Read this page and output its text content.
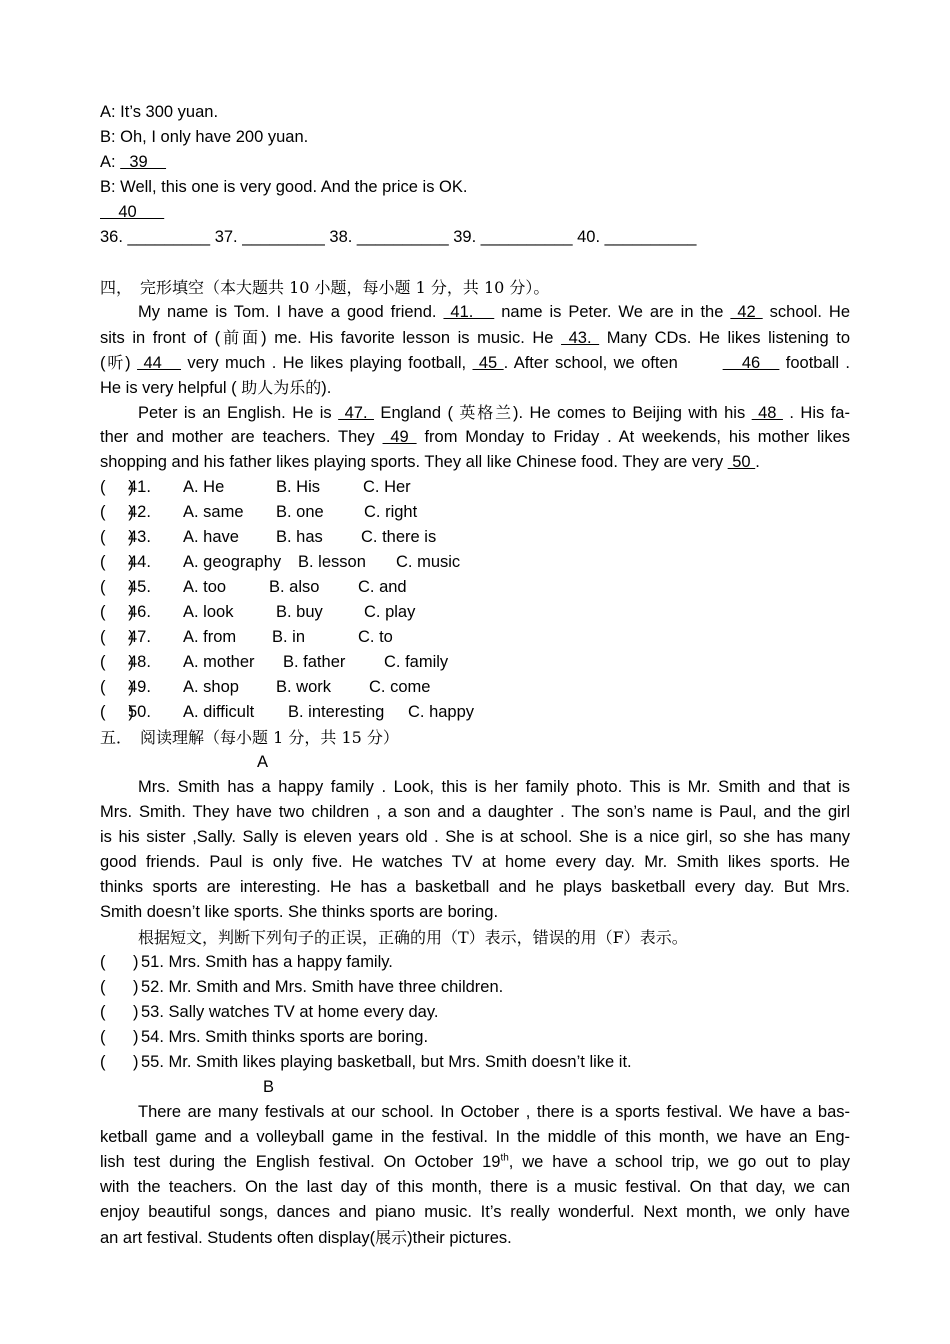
A: It’s 300 yuan.
B: Oh, I only have 200 yuan.
A:   39
B: Well, this one is very good. And the price is OK.
40
36. _________ 37. _________ 38. __________ 39. __________ 40. __________
四，　完形填空（本大题共 10 小题，每小题 1 分，共 10 分）。
My name is Tom. I have a good friend.  41.    name is Peter. We are in the  42  school. He
sits in front of (前面) me. His favorite lesson is music. He  43.  Many CDs. He likes listening to
(听)  44    very much . He likes playing football,  45 . After school, we often          46    football .
He is very helpful ( 助人为乐的).
Peter is an English. He is  47.  England ( 英格兰). He comes to Beijing with his  48  . His fa-
ther and mother are teachers. They  49  from Monday to Friday . At weekends, his mother likes
shopping and his father likes playing sports. They all like Chinese food. They are very  50 .
(     )41. A. He	B. His	C. Her
(     )42. A. same B. one C. right
(     )43. A. have B. has C. there is
(     )44. A. geography B. lesson C. music
(     )45. A. too	B. also C. and
(     )46. A. look	B. buy C. play
(     )47. A. from B. in	C. to
(     )48. A. mother B. father C. family
(     )49. A. shop B. work C. come
(     )50. A. difficult B. interesting C. happy
五．　阅读理解（每小题 1 分，共 15 分）
A
Mrs. Smith has a happy family . Look, this is her family photo. This is Mr. Smith and that is
Mrs. Smith. They have two children , a son and a daughter . The son’s name is Paul, and the girl
is his sister ,Sally. Sally is eleven years old . She is at school. She is a nice girl, so she has many
good friends. Paul is only five. He watches TV at home every day. Mr. Smith likes sports. He
thinks sports are interesting. He has a basketball and he plays basketball every day. But Mrs.
Smith doesn’t like sports. She thinks sports are boring.
根据短文，判断下列句子的正误，正确的用（T）表示，错误的用（F）表示。
(      ) 51. Mrs. Smith has a happy family.
(      ) 52. Mr. Smith and Mrs. Smith have three children.
(      ) 53. Sally watches TV at home every day.
(      ) 54. Mrs. Smith thinks sports are boring.
(      ) 55. Mr. Smith likes playing basketball, but Mrs. Smith doesn’t like it.
B
There are many festivals at our school. In October , there is a sports festival. We have a bas-
ketball game and a volleyball game in the festival. In the middle of this month, we have an Eng-
lish test during the English festival. On October 19th, we have a school trip, we go out to play
with the teachers. On the last day of this month, there is a music festival. On that day, we can
enjoy beautiful songs, dances and piano music. It’s really wonderful. Next month, we only have
an art festival. Students often display(展示)their pictures.
